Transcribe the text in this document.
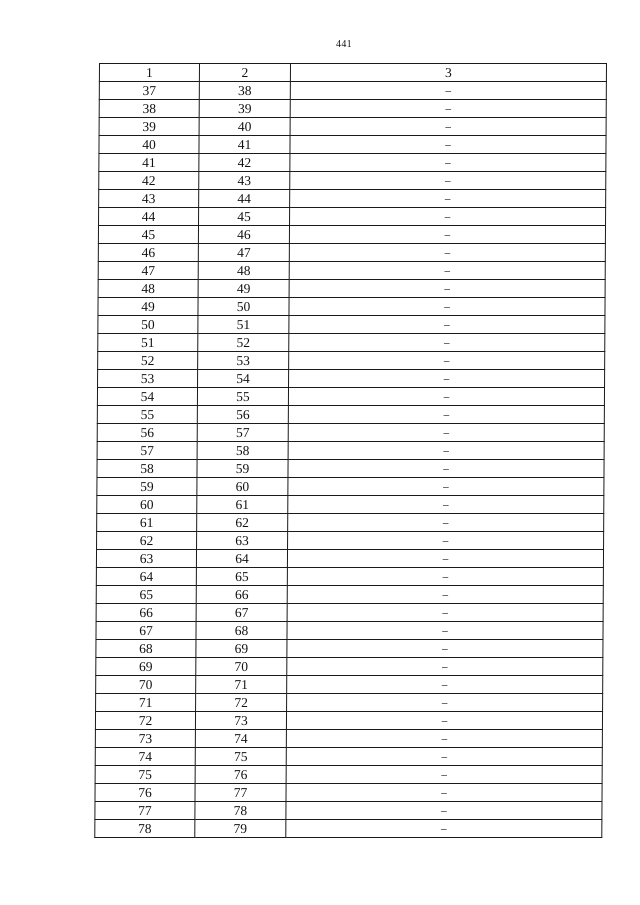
441
1	2	3
37	38	–
38	39	–
39	40	–
40	41	–
41	42	–
42	43	–
43	44	–
44	45	–
45	46	–
46	47	–
47	48	–
48	49	–
49	50	–
50	51	–
51	52	–
52	53	–
53	54	–
54	55	–
55	56	–
56	57	–
57	58	–
58	59	–
59	60	–
60	61	–
61	62	–
62	63	–
63	64	–
64	65	–
65	66	–
66	67	–
67	68	–
68	69	–
69	70	–
70	71	–
71	72	–
72	73	–
73	74	–
74	75	–
75	76	–
76	77	–
77	78	–
78	79	–
